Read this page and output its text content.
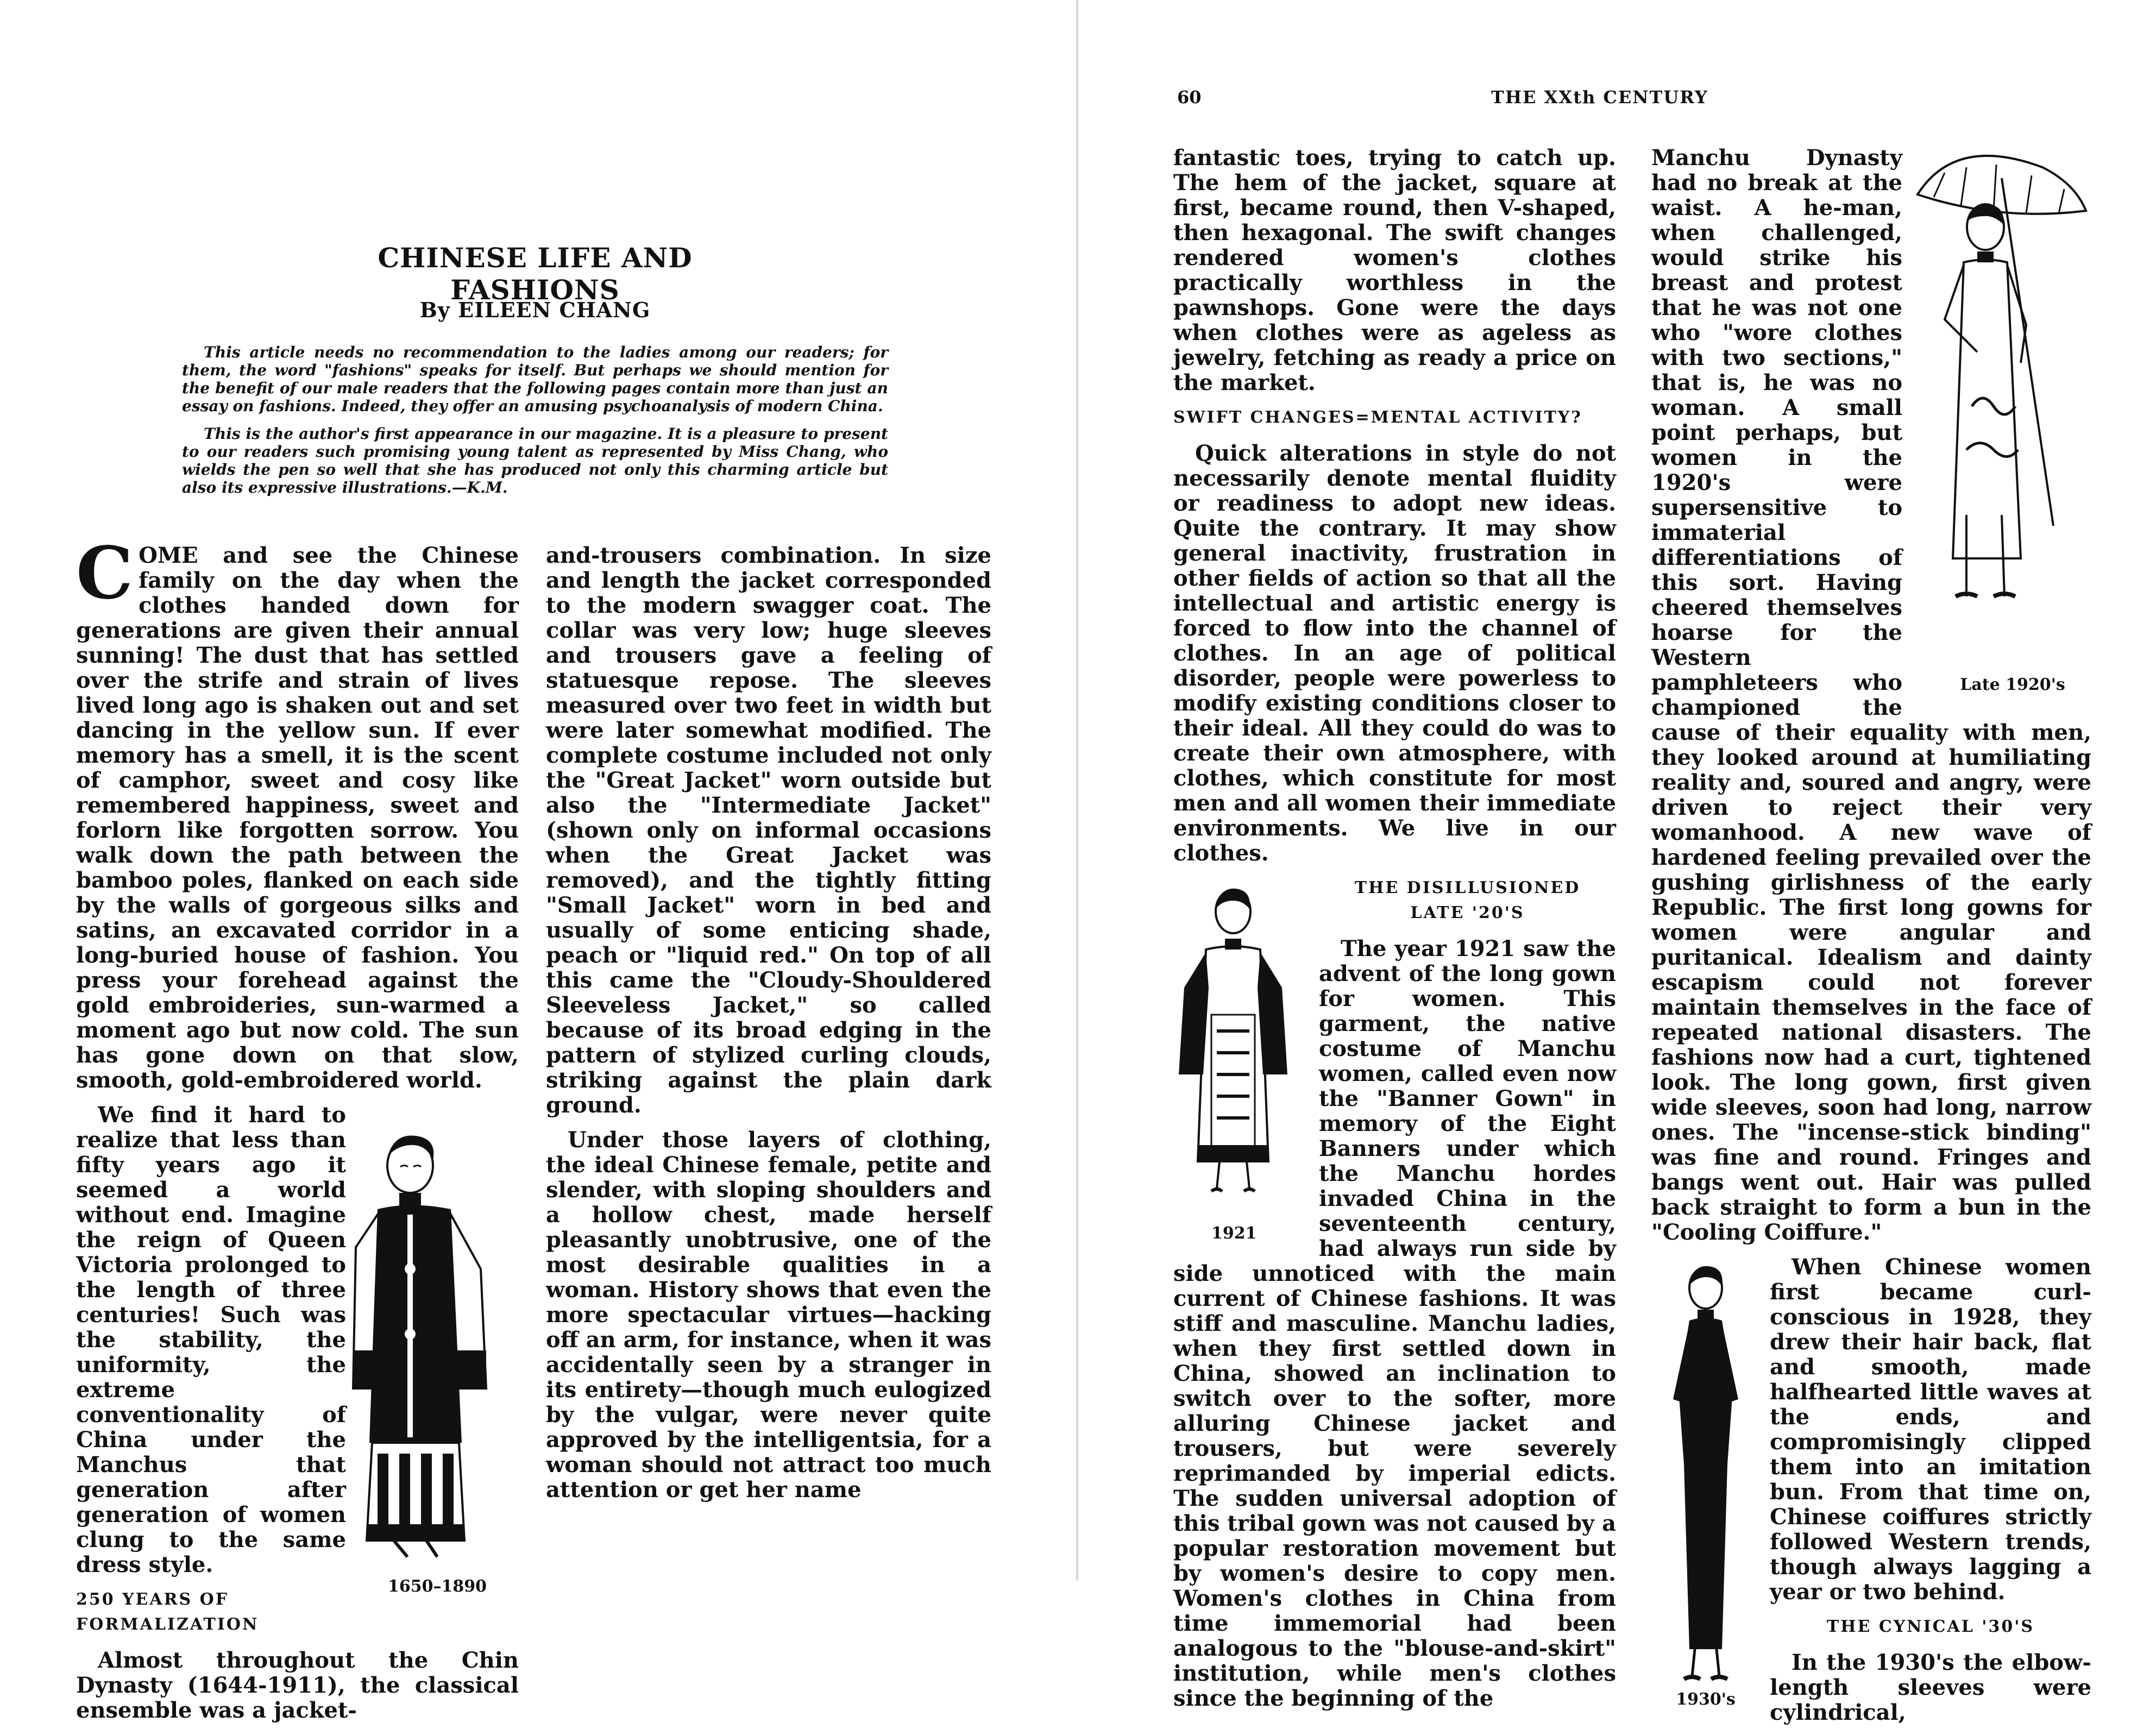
CHINESE LIFE AND FASHIONS
By EILEEN CHANG

This article needs no recommendation to the ladies among our readers; for them, the word "fashions" speaks for itself. But perhaps we should mention for the benefit of our male readers that the following pages contain more than just an essay on fashions. Indeed, they offer an amusing psychoanalysis of modern China.

This is the author's first appearance in our magazine. It is a pleasure to present to our readers such promising young talent as represented by Miss Chang, who wields the pen so well that she has produced not only this charming article but also its expressive illustrations.—K.M.

COME and see the Chinese family on the day when the clothes handed down for generations are given their annual sunning! The dust that has settled over the strife and strain of lives lived long ago is shaken out and set dancing in the yellow sun. If ever memory has a smell, it is the scent of camphor, sweet and cosy like remembered happiness, sweet and forlorn like forgotten sorrow. You walk down the path between the bamboo poles, flanked on each side by the walls of gorgeous silks and satins, an excavated corridor in a long-buried house of fashion. You press your forehead against the gold embroideries, sun-warmed a moment ago but now cold. The sun has gone down on that slow, smooth, gold-embroidered world.

1650–1890

We find it hard to realize that less than fifty years ago it seemed a world without end. Imagine the reign of Queen Victoria prolonged to the length of three centuries! Such was the stability, the uniformity, the extreme conventionality of China under the Manchus that generation after generation of women clung to the same dress style.

250 YEARS OF FORMALIZATION

Almost throughout the Chin Dynasty (1644-1911), the classical ensemble was a jacket-

and-trousers combination. In size and length the jacket corresponded to the modern swagger coat. The collar was very low; huge sleeves and trousers gave a feeling of statuesque repose. The sleeves measured over two feet in width but were later somewhat modified. The complete costume included not only the "Great Jacket" worn outside but also the "Intermediate Jacket" (shown only on informal occasions when the Great Jacket was removed), and the tightly fitting "Small Jacket" worn in bed and usually of some enticing shade, peach or "liquid red." On top of all this came the "Cloudy-Shouldered Sleeveless Jacket," so called because of its broad edging in the pattern of stylized curling clouds, striking against the plain dark ground.

Under those layers of clothing, the ideal Chinese female, petite and slender, with sloping shoulders and a hollow chest, made herself pleasantly unobtrusive, one of the most desirable qualities in a woman. History shows that even the more spectacular virtues—hacking off an arm, for instance, when it was accidentally seen by a stranger in its entirety—though much eulogized by the vulgar, were never quite approved by the intelligentsia, for a woman should not attract too much attention or get her name

60	THE XXth CENTURY

fantastic toes, trying to catch up. The hem of the jacket, square at first, became round, then V-shaped, then hexagonal. The swift changes rendered women's clothes practically worthless in the pawnshops. Gone were the days when clothes were as ageless as jewelry, fetching as ready a price on the market.

SWIFT CHANGES=MENTAL ACTIVITY?

Quick alterations in style do not necessarily denote mental fluidity or readiness to adopt new ideas. Quite the contrary. It may show general inactivity, frustration in other fields of action so that all the intellectual and artistic energy is forced to flow into the channel of clothes. In an age of political disorder, people were powerless to modify existing conditions closer to their ideal. All they could do was to create their own atmosphere, with clothes, which constitute for most men and all women their immediate environments. We live in our clothes.

1921
THE DISILLUSIONED
LATE '20'S

The year 1921 saw the advent of the long gown for women. This garment, the native costume of Manchu women, called even now the "Banner Gown" in memory of the Eight Banners under which the Manchu hordes invaded China in the seventeenth century, had always run side by side unnoticed with the main current of Chinese fashions. It was stiff and masculine. Manchu ladies, when they first settled down in China, showed an inclination to switch over to the softer, more alluring Chinese jacket and trousers, but were severely reprimanded by imperial edicts. The sudden universal adoption of this tribal gown was not caused by a popular restoration movement but by women's desire to copy men. Women's clothes in China from time immemorial had been analogous to the "blouse-and-skirt" institution, while men's clothes since the beginning of the

Late 1920's

Manchu Dynasty had no break at the waist. A he-man, when challenged, would strike his breast and protest that he was not one who "wore clothes with two sections," that is, he was no woman. A small point perhaps, but women in the 1920's were supersensitive to immaterial differentiations of this sort. Having cheered themselves hoarse for the Western pamphleteers who championed the cause of their equality with men, they looked around at humiliating reality and, soured and angry, were driven to reject their very womanhood. A new wave of hardened feeling prevailed over the gushing girlishness of the early Republic. The first long gowns for women were angular and puritanical. Idealism and dainty escapism could not forever maintain themselves in the face of repeated national disasters. The fashions now had a curt, tightened look. The long gown, first given wide sleeves, soon had long, narrow ones. The "incense-stick binding" was fine and round. Fringes and bangs went out. Hair was pulled back straight to form a bun in the "Cooling Coiffure."

1930's

When Chinese women first became curl-conscious in 1928, they drew their hair back, flat and smooth, made halfhearted little waves at the ends, and compromisingly clipped them into an imitation bun. From that time on, Chinese coiffures strictly followed Western trends, though always lagging a year or two behind.

THE CYNICAL '30'S

In the 1930's the elbow-length sleeves were cylindrical,
